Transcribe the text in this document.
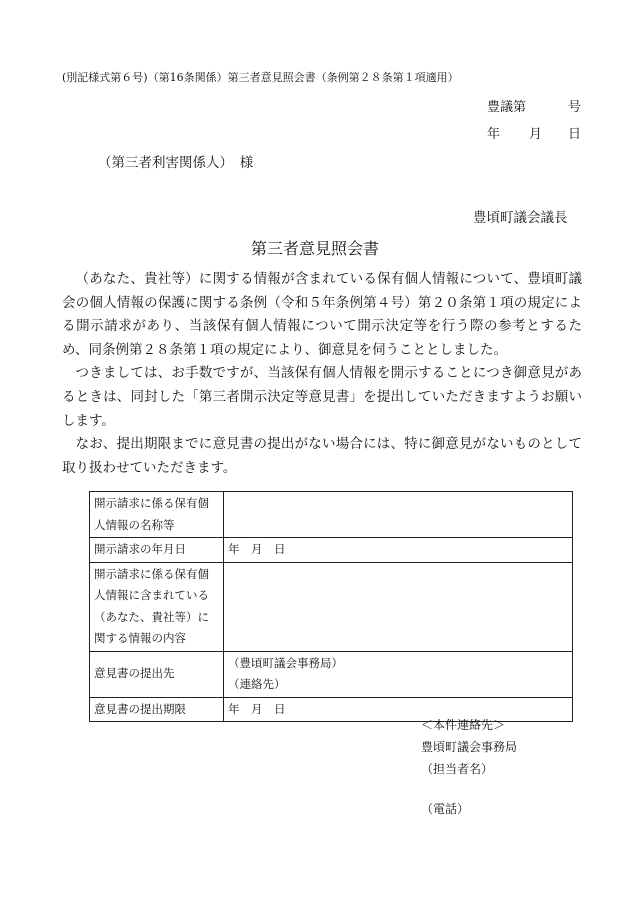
(別記様式第６号)（第16条関係）第三者意見照会書（条例第２８条第１項適用）
豊議第	号
年 月 日
（第三者利害関係人）　様
豊頃町議会議長
第三者意見照会書

（あなた、貴社等）に関する情報が含まれている保有個人情報について、豊頃町議会の個人情報の保護に関する条例（令和５年条例第４号）第２０条第１項の規定による開示請求があり、当該保有個人情報について開示決定等を行う際の参考とするため、同条例第２８条第１項の規定により、御意見を伺うこととしました。

つきましては、お手数ですが、当該保有個人情報を開示することにつき御意見があるときは、同封した「第三者開示決定等意見書」を提出していただきますようお願いします。

なお、提出期限までに意見書の提出がない場合には、特に御意見がないものとして取り扱わせていただきます。

開示請求に係る保有個人情報の名称等	
開示請求の年月日	年　月　日
開示請求に係る保有個人情報に含まれている（あなた、貴社等）に関する情報の内容	
意見書の提出先	（豊頃町議会事務局）
（連絡先）

意見書の提出期限	年　月　日
＜本件連絡先＞
豊頃町議会事務局
（担当者名）
（電話）
